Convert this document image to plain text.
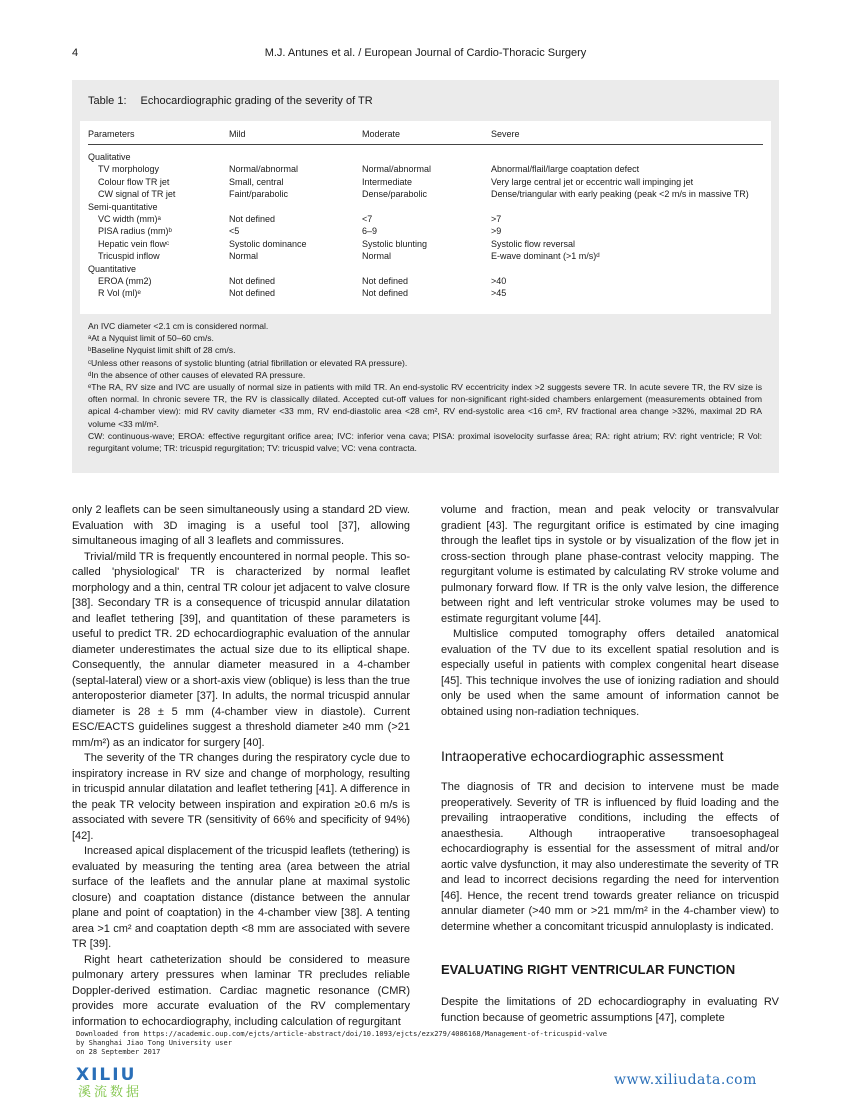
4	M.J. Antunes et al. / European Journal of Cardio-Thoracic Surgery
Table 1: Echocardiographic grading of the severity of TR
Parameters	Mild	Moderate	Severe
Qualitative
TV morphology	Normal/abnormal	Normal/abnormal	Abnormal/flail/large coaptation defect
Colour flow TR jet	Small, central	Intermediate	Very large central jet or eccentric wall impinging jet
CW signal of TR jet	Faint/parabolic	Dense/parabolic	Dense/triangular with early peaking (peak <2 m/s in massive TR)
Semi-quantitative
VC width (mm)ᵃ	Not defined	<7	>7
PISA radius (mm)ᵇ	<5	6–9	>9
Hepatic vein flowᶜ	Systolic dominance	Systolic blunting	Systolic flow reversal
Tricuspid inflow	Normal	Normal	E-wave dominant (>1 m/s)ᵈ
Quantitative
EROA (mm2)	Not defined	Not defined	>40
R Vol (ml)ᵉ	Not defined	Not defined	>45

An IVC diameter <2.1 cm is considered normal.

ᵃAt a Nyquist limit of 50–60 cm/s.

ᵇBaseline Nyquist limit shift of 28 cm/s.

ᶜUnless other reasons of systolic blunting (atrial fibrillation or elevated RA pressure).

ᵈIn the absence of other causes of elevated RA pressure.

ᵉThe RA, RV size and IVC are usually of normal size in patients with mild TR. An end-systolic RV eccentricity index >2 suggests severe TR. In acute severe TR, the RV size is often normal. In chronic severe TR, the RV is classically dilated. Accepted cut-off values for non-significant right-sided chambers enlargement (measurements obtained from apical 4-chamber view): mid RV cavity diameter <33 mm, RV end-diastolic area <28 cm², RV end-systolic area <16 cm², RV fractional area change >32%, maximal 2D RA volume <33 ml/m².

CW: continuous-wave; EROA: effective regurgitant orifice area; IVC: inferior vena cava; PISA: proximal isovelocity surfasse área; RA: right atrium; RV: right ventricle; R Vol: regurgitant volume; TR: tricuspid regurgitation; TV: tricuspid valve; VC: vena contracta.

only 2 leaflets can be seen simultaneously using a standard 2D view. Evaluation with 3D imaging is a useful tool [37], allowing simultaneous imaging of all 3 leaflets and commissures.

Trivial/mild TR is frequently encountered in normal people. This so-called 'physiological' TR is characterized by normal leaflet morphology and a thin, central TR colour jet adjacent to valve closure [38]. Secondary TR is a consequence of tricuspid annular dilatation and leaflet tethering [39], and quantitation of these parameters is useful to predict TR. 2D echocardiographic evaluation of the annular diameter underestimates the actual size due to its elliptical shape. Consequently, the annular diameter measured in a 4-chamber (septal-lateral) view or a short-axis view (oblique) is less than the true anteroposterior diameter [37]. In adults, the normal tricuspid annular diameter is 28 ± 5 mm (4-chamber view in diastole). Current ESC/EACTS guidelines suggest a threshold diameter ≥40 mm (>21 mm/m²) as an indicator for surgery [40].

The severity of the TR changes during the respiratory cycle due to inspiratory increase in RV size and change of morphology, resulting in tricuspid annular dilatation and leaflet tethering [41]. A difference in the peak TR velocity between inspiration and expiration ≥0.6 m/s is associated with severe TR (sensitivity of 66% and specificity of 94%) [42].

Increased apical displacement of the tricuspid leaflets (tethering) is evaluated by measuring the tenting area (area between the atrial surface of the leaflets and the annular plane at maximal systolic closure) and coaptation distance (distance between the annular plane and point of coaptation) in the 4-chamber view [38]. A tenting area >1 cm² and coaptation depth <8 mm are associated with severe TR [39].

Right heart catheterization should be considered to measure pulmonary artery pressures when laminar TR precludes reliable Doppler-derived estimation. Cardiac magnetic resonance (CMR) provides more accurate evaluation of the RV complementary information to echocardiography, including calculation of regurgitant

volume and fraction, mean and peak velocity or transvalvular gradient [43]. The regurgitant orifice is estimated by cine imaging through the leaflet tips in systole or by visualization of the flow jet in cross-section through plane phase-contrast velocity mapping. The regurgitant volume is estimated by calculating RV stroke volume and pulmonary forward flow. If TR is the only valve lesion, the difference between right and left ventricular stroke volumes may be used to estimate regurgitant volume [44].

Multislice computed tomography offers detailed anatomical evaluation of the TV due to its excellent spatial resolution and is especially useful in patients with complex congenital heart disease [45]. This technique involves the use of ionizing radiation and should only be used when the same amount of information cannot be obtained using non-radiation techniques.

Intraoperative echocardiographic assessment

The diagnosis of TR and decision to intervene must be made preoperatively. Severity of TR is influenced by fluid loading and the prevailing intraoperative conditions, including the effects of anaesthesia. Although intraoperative transoesophageal echocardiography is essential for the assessment of mitral and/or aortic valve dysfunction, it may also underestimate the severity of TR and lead to incorrect decisions regarding the need for intervention [46]. Hence, the recent trend towards greater reliance on tricuspid annular diameter (>40 mm or >21 mm/m² in the 4-chamber view) to determine whether a concomitant tricuspid annuloplasty is indicated.

EVALUATING RIGHT VENTRICULAR FUNCTION

Despite the limitations of 2D echocardiography in evaluating RV function because of geometric assumptions [47], complete

Downloaded from https://academic.oup.com/ejcts/article-abstract/doi/10.1093/ejcts/ezx279/4086168/Management-of-tricuspid-valve
by Shanghai Jiao Tong University user
on 28 September 2017
XILIU
溪流数据
www.xiliudata.com
